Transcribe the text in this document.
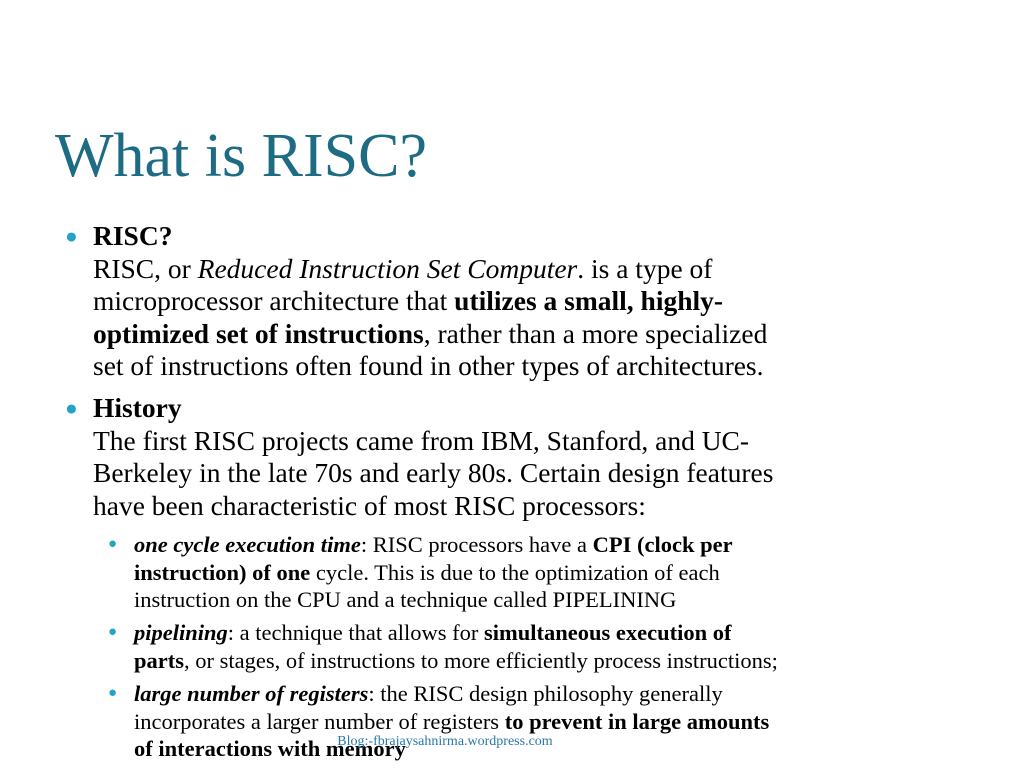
What is RISC?
● RISC?
RISC, or Reduced Instruction Set Computer. is a type of
microprocessor architecture that utilizes a small, highly-
optimized set of instructions, rather than a more specialized
set of instructions often found in other types of architectures.
● History
The first RISC projects came from IBM, Stanford, and UC-
Berkeley in the late 70s and early 80s. Certain design features
have been characteristic of most RISC processors:
● one cycle execution time: RISC processors have a CPI (clock per
instruction) of one cycle. This is due to the optimization of each
instruction on the CPU and a technique called PIPELINING
● pipelining: a technique that allows for simultaneous execution of
parts, or stages, of instructions to more efficiently process instructions;
● large number of registers: the RISC design philosophy generally
incorporates a larger number of registers to prevent in large amounts
of interactions with memory
Blog:-fbrajaysahnirma.wordpress.com
